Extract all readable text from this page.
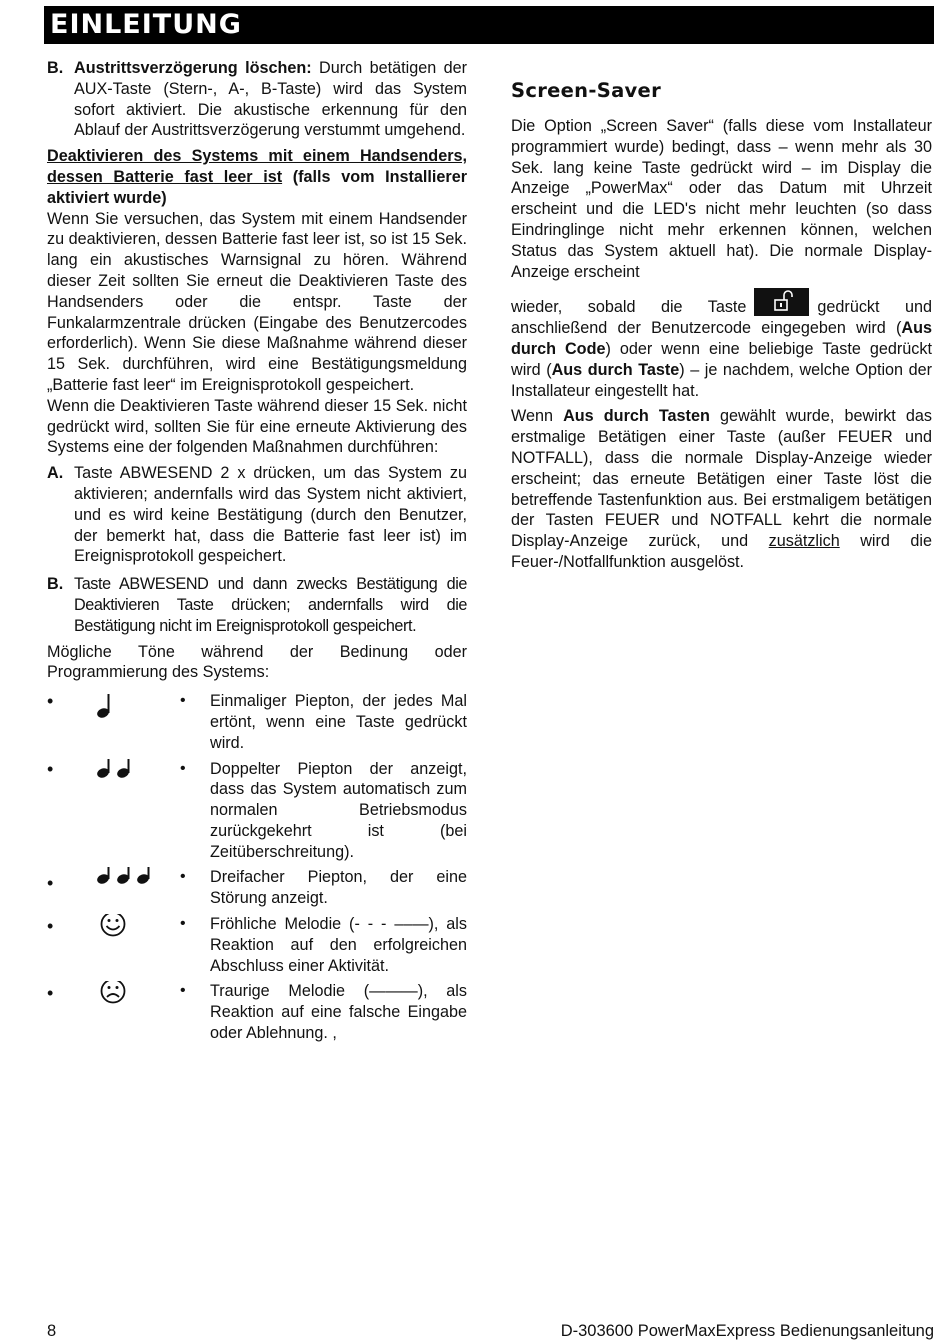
EINLEITUNG
B. Austrittsverzögerung löschen: Durch betätigen der AUX-Taste (Stern-, A-, B-Taste) wird das System sofort aktiviert. Die akustische erkennung für den Ablauf der Austrittsverzögerung verstummt umgehend.

Deaktivieren des Systems mit einem Handsenders, dessen Batterie fast leer ist (falls vom Installierer aktiviert wurde)

Wenn Sie versuchen, das System mit einem Handsender zu deaktivieren, dessen Batterie fast leer ist, so ist 15 Sek. lang ein akustisches Warnsignal zu hören. Während dieser Zeit sollten Sie erneut die Deaktivieren Taste des Handsenders oder die entspr. Taste der Funkalarmzentrale drücken (Eingabe des Benutzercodes erforderlich). Wenn Sie diese Maßnahme während dieser 15 Sek. durchführen, wird eine Bestätigungsmeldung „Batterie fast leer“ im Ereignisprotokoll gespeichert.

Wenn die Deaktivieren Taste während dieser 15 Sek. nicht gedrückt wird, sollten Sie für eine erneute Aktivierung des Systems eine der folgenden Maßnahmen durchführen:

A. Taste ABWESEND 2 x drücken, um das System zu aktivieren; andernfalls wird das System nicht aktiviert, und es wird keine Bestätigung (durch den Benutzer, der bemerkt hat, dass die Batterie fast leer ist) im Ereignisprotokoll gespeichert.
B. Taste ABWESEND und dann zwecks Bestätigung die Deaktivieren Taste drücken; andernfalls wird die Bestätigung nicht im Ereignisprotokoll gespeichert.

Mögliche Töne während der Bedinung oder Programmierung des Systems:

•	•	Einmaliger Piepton, der jedes Mal ertönt, wenn eine Taste gedrückt wird.
•	•	Doppelter Piepton der anzeigt, dass das System automatisch zum normalen Betriebsmodus zurückgekehrt ist (bei Zeitüberschreitung).
•	•	Dreifacher Piepton, der eine Störung anzeigt.
•	•	Fröhliche Melodie (- - - ––—), als Reaktion auf den erfolgreichen Abschluss einer Aktivität.
•	•	Traurige Melodie (———), als Reaktion auf eine falsche Eingabe oder Ablehnung. ,
Screen-Saver

Die Option „Screen Saver“ (falls diese vom Installateur programmiert wurde) bedingt, dass – wenn mehr als 30 Sek. lang keine Taste gedrückt wird – im Display die Anzeige „PowerMax“ oder das Datum mit Uhrzeit erscheint und die LED's nicht mehr leuchten (so dass Eindringlinge nicht mehr erkennen können, welchen Status das System aktuell hat). Die normale Display-Anzeige erscheint

wieder, sobald die Taste	gedrückt und anschließend der Benutzercode eingegeben wird (Aus durch Code) oder wenn eine beliebige Taste gedrückt wird (Aus durch Taste) – je nachdem, welche Option der Installateur eingestellt hat.

Wenn Aus durch Tasten gewählt wurde, bewirkt das erstmalige Betätigen einer Taste (außer FEUER und NOTFALL), dass die normale Display-Anzeige wieder erscheint; das erneute Betätigen einer Taste löst die betreffende Tastenfunktion aus. Bei erstmaligem betätigen der Tasten FEUER und NOTFALL kehrt die normale Display-Anzeige zurück, und zusätzlich wird die Feuer-/Notfallfunktion ausgelöst.

8	D-303600 PowerMaxExpress Bedienungsanleitung
